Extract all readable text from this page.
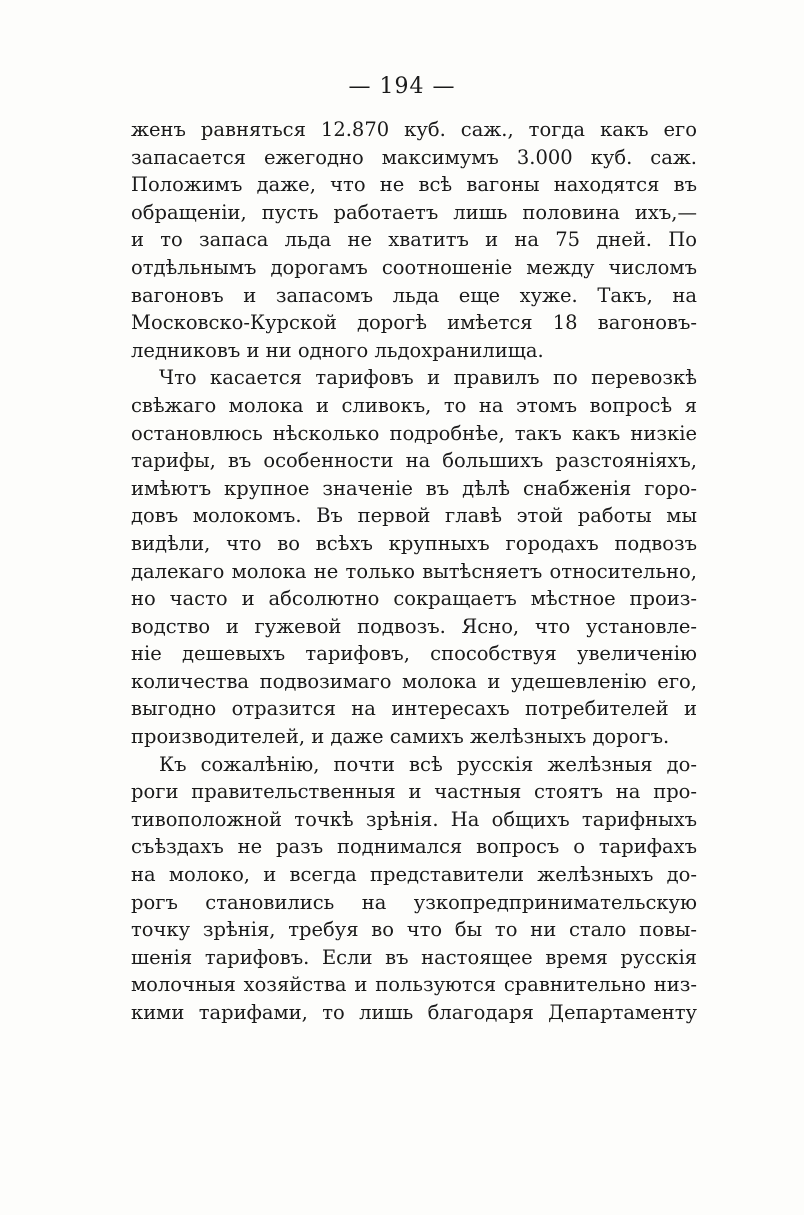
— 194 —
женъ равняться 12.870 куб. саж., тогда какъ его
запасается ежегодно максимумъ 3.000 куб. саж.
Положимъ даже, что не всѣ вагоны находятся въ
обращенiи, пусть работаетъ лишь половина ихъ,—
и то запаса льда не хватитъ и на 75 дней. По
отдѣльнымъ дорогамъ соотношенiе между числомъ
вагоновъ и запасомъ льда еще хуже. Такъ, на
Московско-Курской дорогѣ имѣется 18 вагоновъ-
ледниковъ и ни одного льдохранилища.
Что касается тарифовъ и правилъ по перевозкѣ
свѣжаго молока и сливокъ, то на этомъ вопросѣ я
остановлюсь нѣсколько подробнѣе, такъ какъ низкiе
тарифы, въ особенности на большихъ разстоянiяхъ,
имѣютъ крупное значенiе въ дѣлѣ снабженiя горо-
довъ молокомъ. Въ первой главѣ этой работы мы
видѣли, что во всѣхъ крупныхъ городахъ подвозъ
далекаго молока не только вытѣсняетъ относительно,
но часто и абсолютно сокращаетъ мѣстное произ-
водство и гужевой подвозъ. Ясно, что установле-
нiе дешевыхъ тарифовъ, способствуя увеличенiю
количества подвозимаго молока и удешевленiю его,
выгодно отразится на интересахъ потребителей и
производителей, и даже самихъ желѣзныхъ дорогъ.
Къ сожалѣнiю, почти всѣ русскiя желѣзныя до-
роги правительственныя и частныя стоятъ на про-
тивоположной точкѣ зрѣнiя. На общихъ тарифныхъ
съѣздахъ не разъ поднимался вопросъ о тарифахъ
на молоко, и всегда представители желѣзныхъ до-
рогъ становились на узкопредпринимательскую
точку зрѣнiя, требуя во что бы то ни стало повы-
шенiя тарифовъ. Если въ настоящее время русскiя
молочныя хозяйства и пользуются сравнительно низ-
кими тарифами, то лишь благодаря Департаменту
